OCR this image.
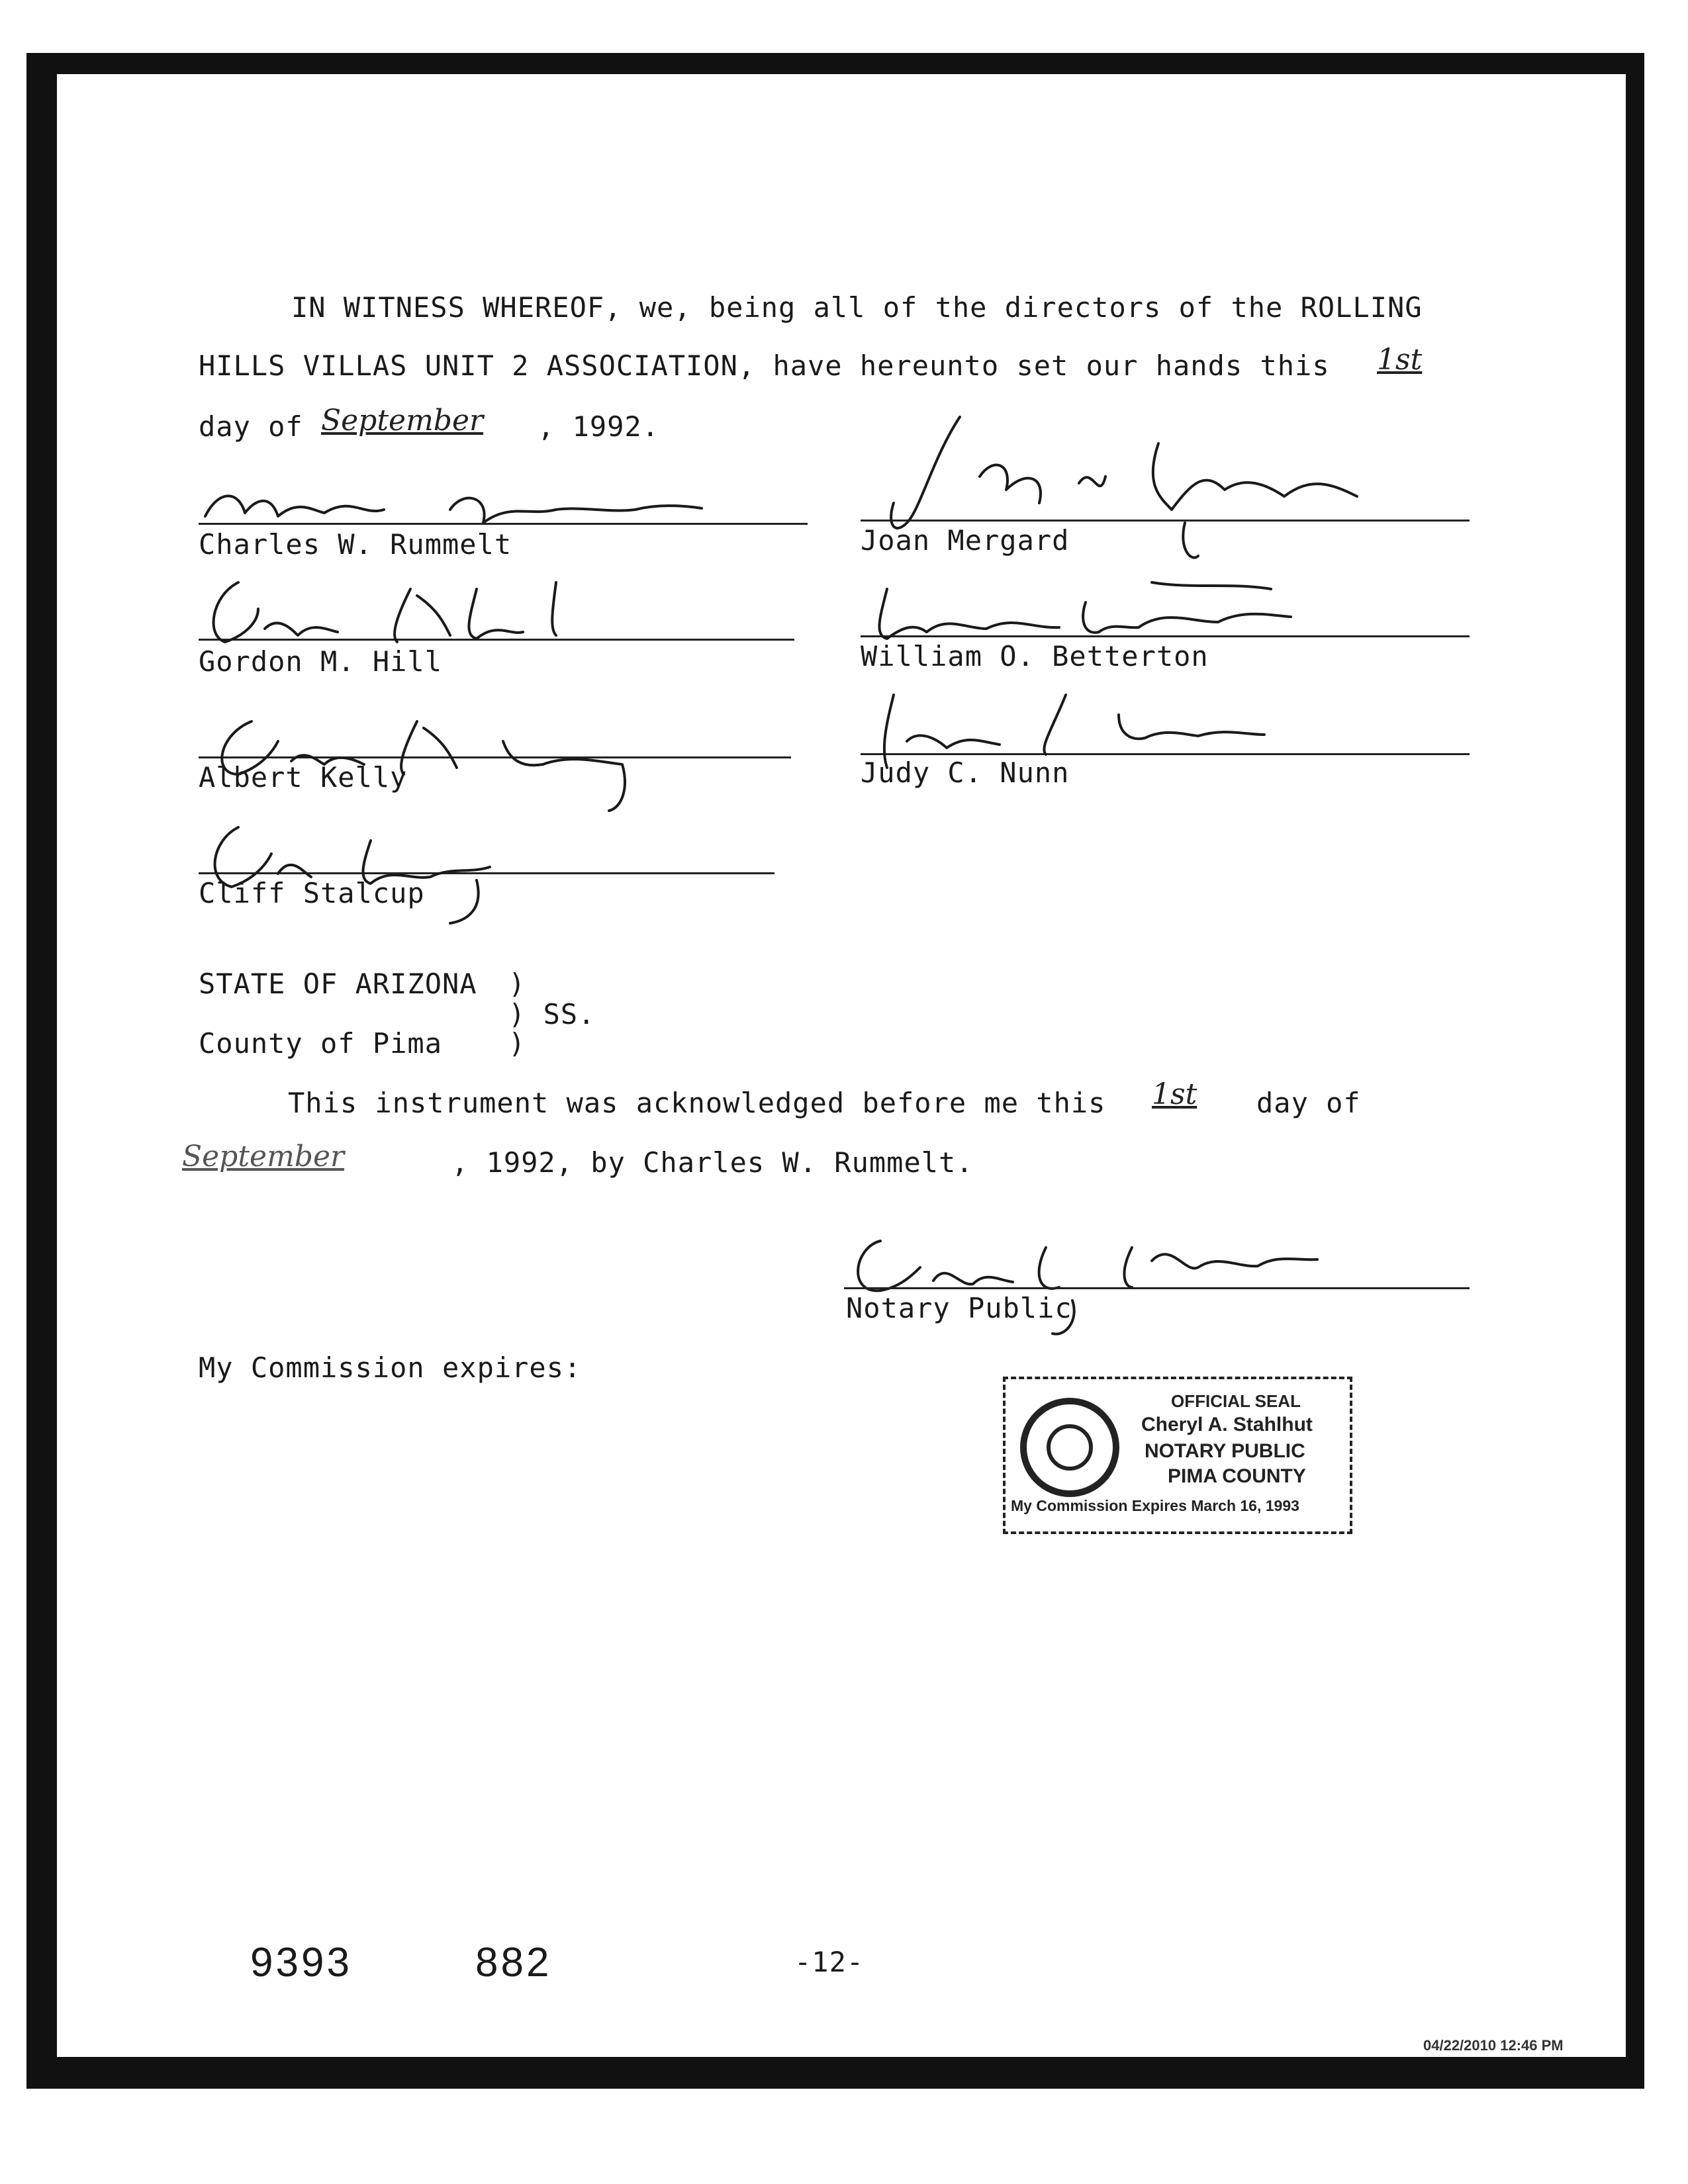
IN WITNESS WHEREOF, we, being all of the directors of the ROLLING
HILLS VILLAS UNIT 2 ASSOCIATION, have hereunto set our hands this 1st
day of September , 1992.
Charles W. Rummelt	Joan Mergard
Gordon M. Hill	William O. Betterton
Albert Kelly	Judy C. Nunn
Cliff Stalcup
STATE OF ARIZONA )
) SS.
County of Pima )
This instrument was acknowledged before me this 1st day of
September	, 1992, by Charles W. Rummelt.
Notary Public
My Commission expires:
OFFICIAL SEAL
Cheryl A. Stahlhut
NOTARY PUBLIC
PIMA COUNTY
My Commission Expires March 16, 1993
9393	882	-12-
04/22/2010 12:46 PM
